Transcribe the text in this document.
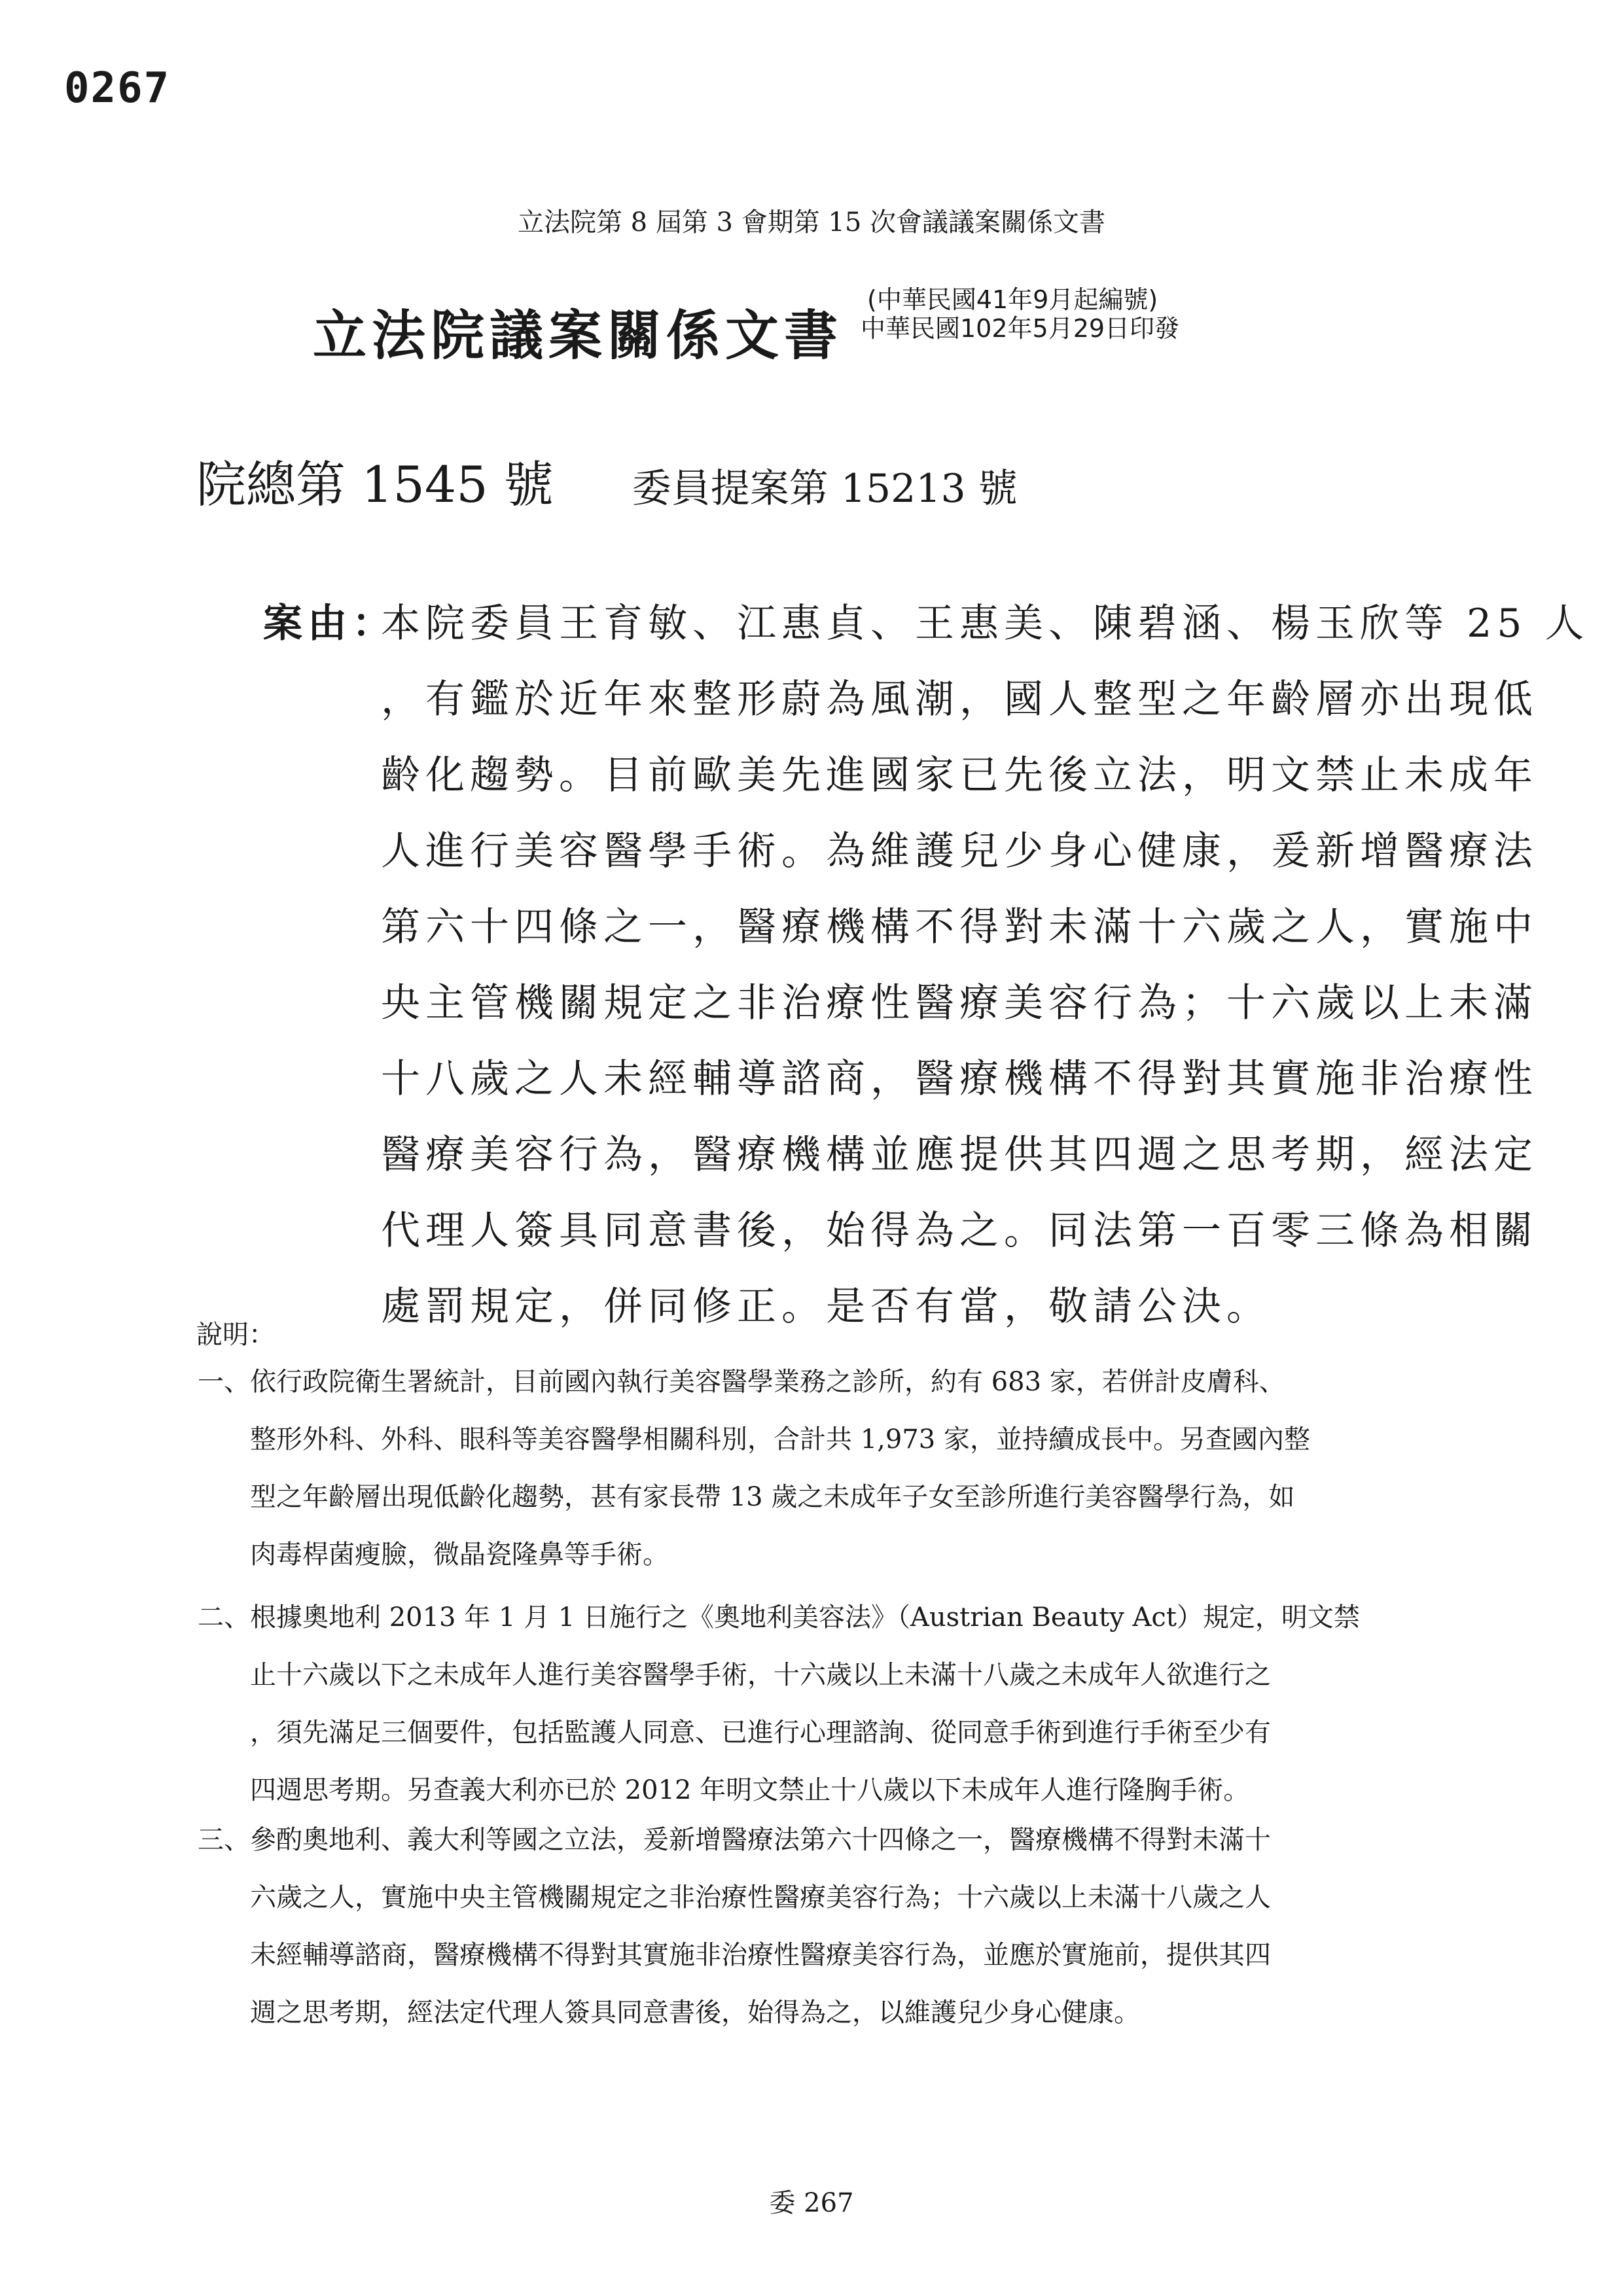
0267
立法院第 8 屆第 3 會期第 15 次會議議案關係文書
立法院議案關係文書
(中華民國41年9月起編號)
中華民國102年5月29日印發
院總第 1545 號 委員提案第 15213 號
案由：本院委員王育敏、江惠貞、王惠美、陳碧涵、楊玉欣等 25 人
，有鑑於近年來整形蔚為風潮，國人整型之年齡層亦出現低
齡化趨勢。目前歐美先進國家已先後立法，明文禁止未成年
人進行美容醫學手術。為維護兒少身心健康，爰新增醫療法
第六十四條之一，醫療機構不得對未滿十六歲之人，實施中
央主管機關規定之非治療性醫療美容行為；十六歲以上未滿
十八歲之人未經輔導諮商，醫療機構不得對其實施非治療性
醫療美容行為，醫療機構並應提供其四週之思考期，經法定
代理人簽具同意書後，始得為之。同法第一百零三條為相關
處罰規定，併同修正。是否有當，敬請公決。
說明：
一、依行政院衛生署統計，目前國內執行美容醫學業務之診所，約有 683 家，若併計皮膚科、
整形外科、外科、眼科等美容醫學相關科別，合計共 1,973 家，並持續成長中。另查國內整
型之年齡層出現低齡化趨勢，甚有家長帶 13 歲之未成年子女至診所進行美容醫學行為，如
肉毒桿菌瘦臉，微晶瓷隆鼻等手術。
二、根據奧地利 2013 年 1 月 1 日施行之《奧地利美容法》（Austrian Beauty Act）規定，明文禁
止十六歲以下之未成年人進行美容醫學手術，十六歲以上未滿十八歲之未成年人欲進行之
，須先滿足三個要件，包括監護人同意、已進行心理諮詢、從同意手術到進行手術至少有
四週思考期。另查義大利亦已於 2012 年明文禁止十八歲以下未成年人進行隆胸手術。
三、參酌奧地利、義大利等國之立法，爰新增醫療法第六十四條之一，醫療機構不得對未滿十
六歲之人，實施中央主管機關規定之非治療性醫療美容行為；十六歲以上未滿十八歲之人
未經輔導諮商，醫療機構不得對其實施非治療性醫療美容行為，並應於實施前，提供其四
週之思考期，經法定代理人簽具同意書後，始得為之，以維護兒少身心健康。
委 267
